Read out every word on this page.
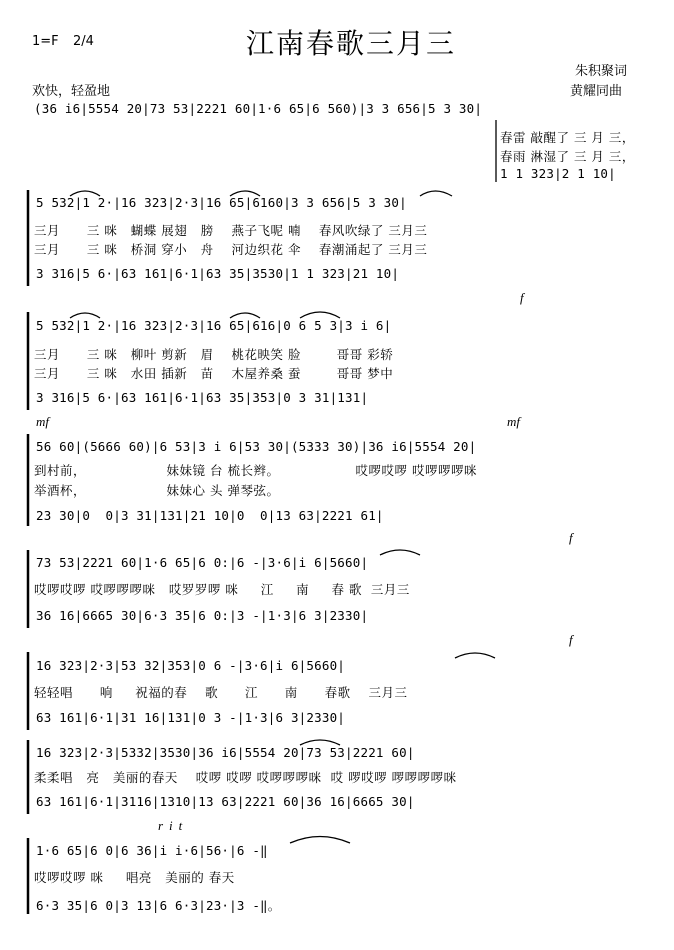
1=F 2/4	江南春歌三月三
朱积聚词
黄耀同曲
欢快，轻盈地
(36 i6|5554 20|73 53|2221 60|1·6 65|6 560)|3 3 656|5 3 30|
春雷 敲醒了 三 月 三，
春雨 淋湿了 三 月 三，
1 1 323|2 1 10|
5 532|1 2·|16 323|2·3|16 65|6160|3 3 656|5 3 30|
三月      三 咪   蝴蝶 展翅   膀    燕子飞呢 喃    春风吹绿了 三月三
三月      三 咪   桥洞 穿小   舟    河边织花 伞    春潮涌起了 三月三
3 316|5 6·|63 161|6·1|63 35|3530|1 1 323|21 10|
f
5 532|1 2·|16 323|2·3|16 65|616|0 6 5 3|3 i 6|
三月      三 咪   柳叶 剪新   眉    桃花映笑 脸        哥哥 彩轿
三月      三 咪   水田 插新   苗    木屋养桑 蚕        哥哥 梦中
3 316|5 6·|63 161|6·1|63 35|353|0 3 31|131|
mf	mf
56 60|(5666 60)|6 53|3 i 6|53 30|(5333 30)|36 i6|5554 20|
到村前，                  妹妹镜 台 梳长辫。                 哎啰哎啰 哎啰啰啰咪
举酒杯，                  妹妹心 头 弹琴弦。
23 30|0  0|3 31|131|21 10|0  0|13 63|2221 61|
f
73 53|2221 60|1·6 65|6 0:|6 -|3·6|i 6|5660|
哎啰哎啰 哎啰啰啰咪   哎罗罗啰 咪     江     南     春 歌  三月三
36 16|6665 30|6·3 35|6 0:|3 -|1·3|6 3|2330|
f
16 323|2·3|53 32|353|0 6 -|3·6|i 6|5660|
轻轻唱      响     祝福的春    歌      江      南      春歌    三月三
63 161|6·1|31 16|131|0 3 -|1·3|6 3|2330|
16 323|2·3|5332|3530|36 i6|5554 20|73 53|2221 60|
柔柔唱   亮   美丽的春天    哎啰 哎啰 哎啰啰啰咪  哎 啰哎啰 啰啰啰啰咪
63 161|6·1|3116|1310|13 63|2221 60|36 16|6665 30|
rit
1·6 65|6 0|6 36|i i·6|56·|6 -‖
哎啰哎啰 咪     唱亮   美丽的 春天
6·3 35|6 0|3 13|6 6·3|23·|3 -‖。
